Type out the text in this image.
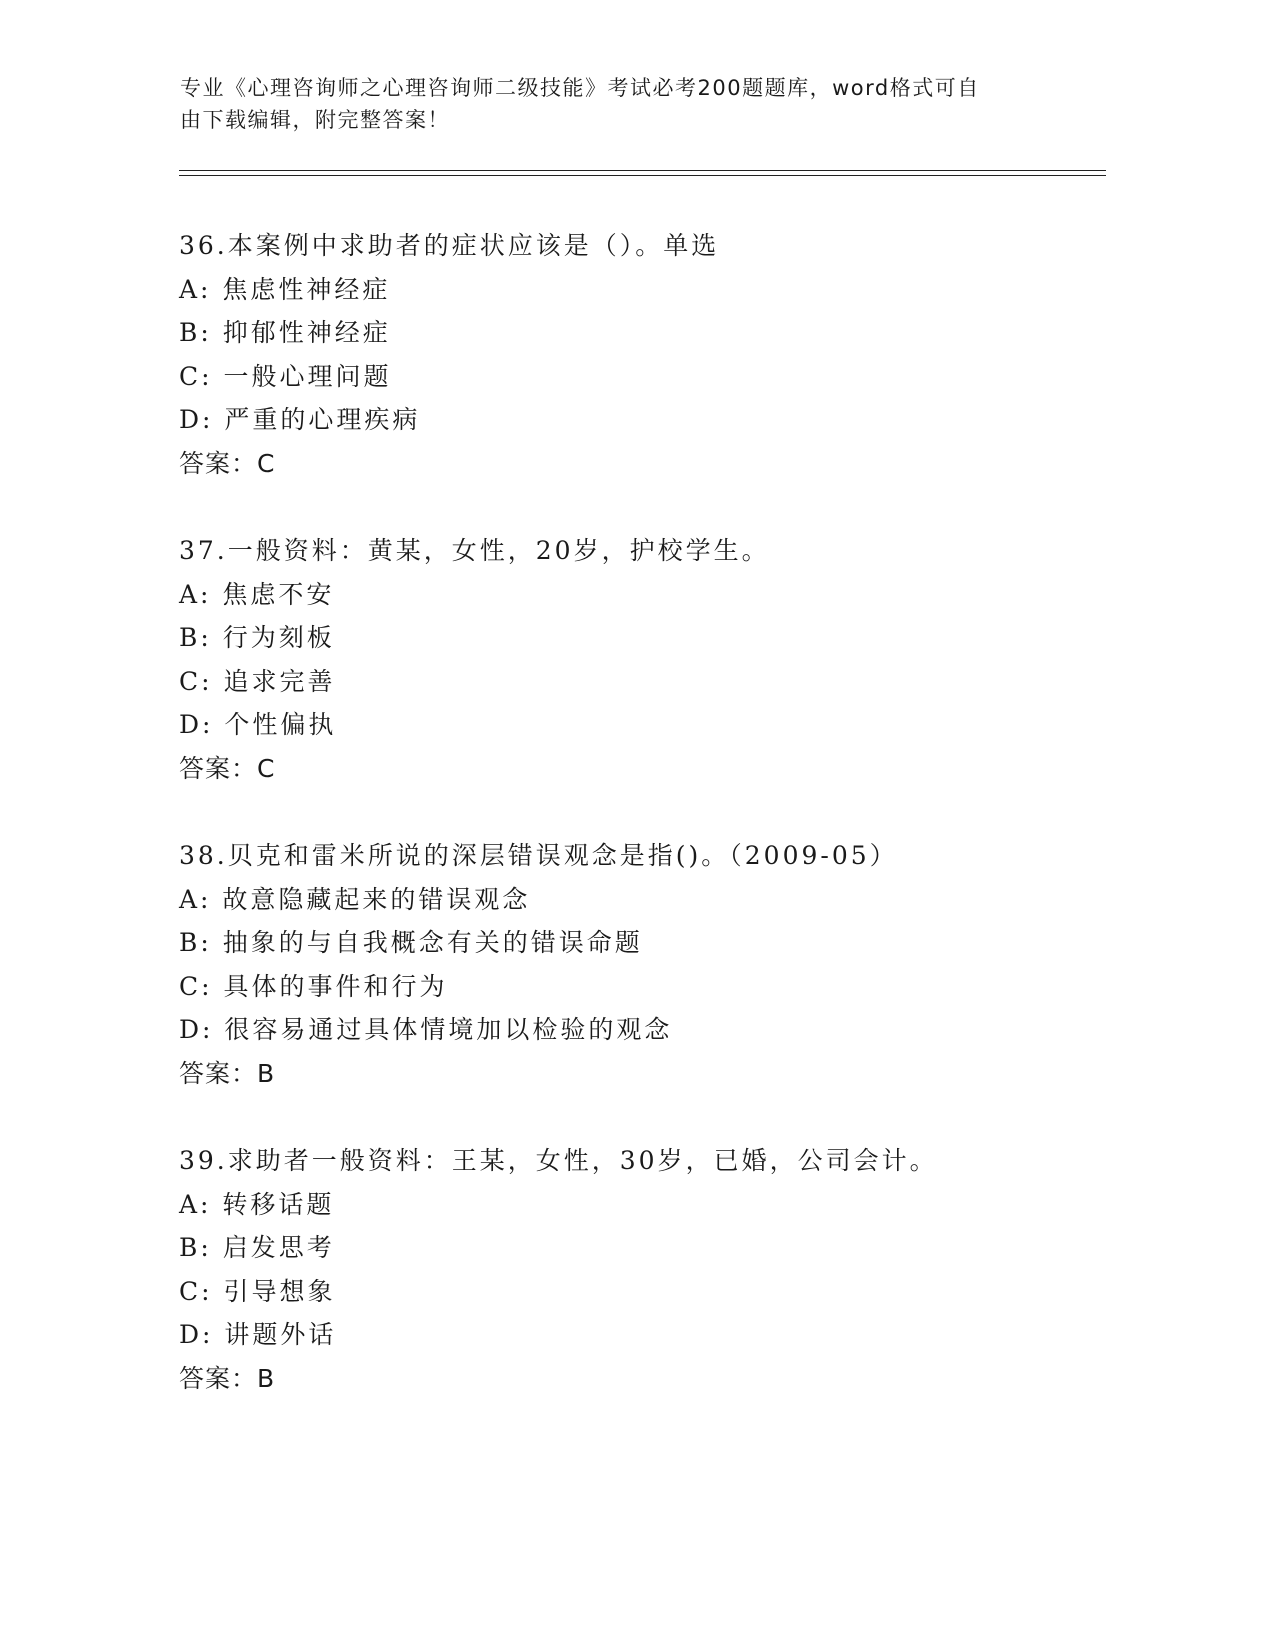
专业《心理咨询师之心理咨询师二级技能》考试必考200题题库，word格式可自
由下载编辑，附完整答案！
36.本案例中求助者的症状应该是（）。单选
A: 焦虑性神经症
B: 抑郁性神经症
C: 一般心理问题
D: 严重的心理疾病
答案：C
37.一般资料：黄某，女性，20岁，护校学生。
A: 焦虑不安
B: 行为刻板
C: 追求完善
D: 个性偏执
答案：C
38.贝克和雷米所说的深层错误观念是指()。（2009-05）
A: 故意隐藏起来的错误观念
B: 抽象的与自我概念有关的错误命题
C: 具体的事件和行为
D: 很容易通过具体情境加以检验的观念
答案：B
39.求助者一般资料：王某，女性，30岁，已婚，公司会计。
A: 转移话题
B: 启发思考
C: 引导想象
D: 讲题外话
答案：B
